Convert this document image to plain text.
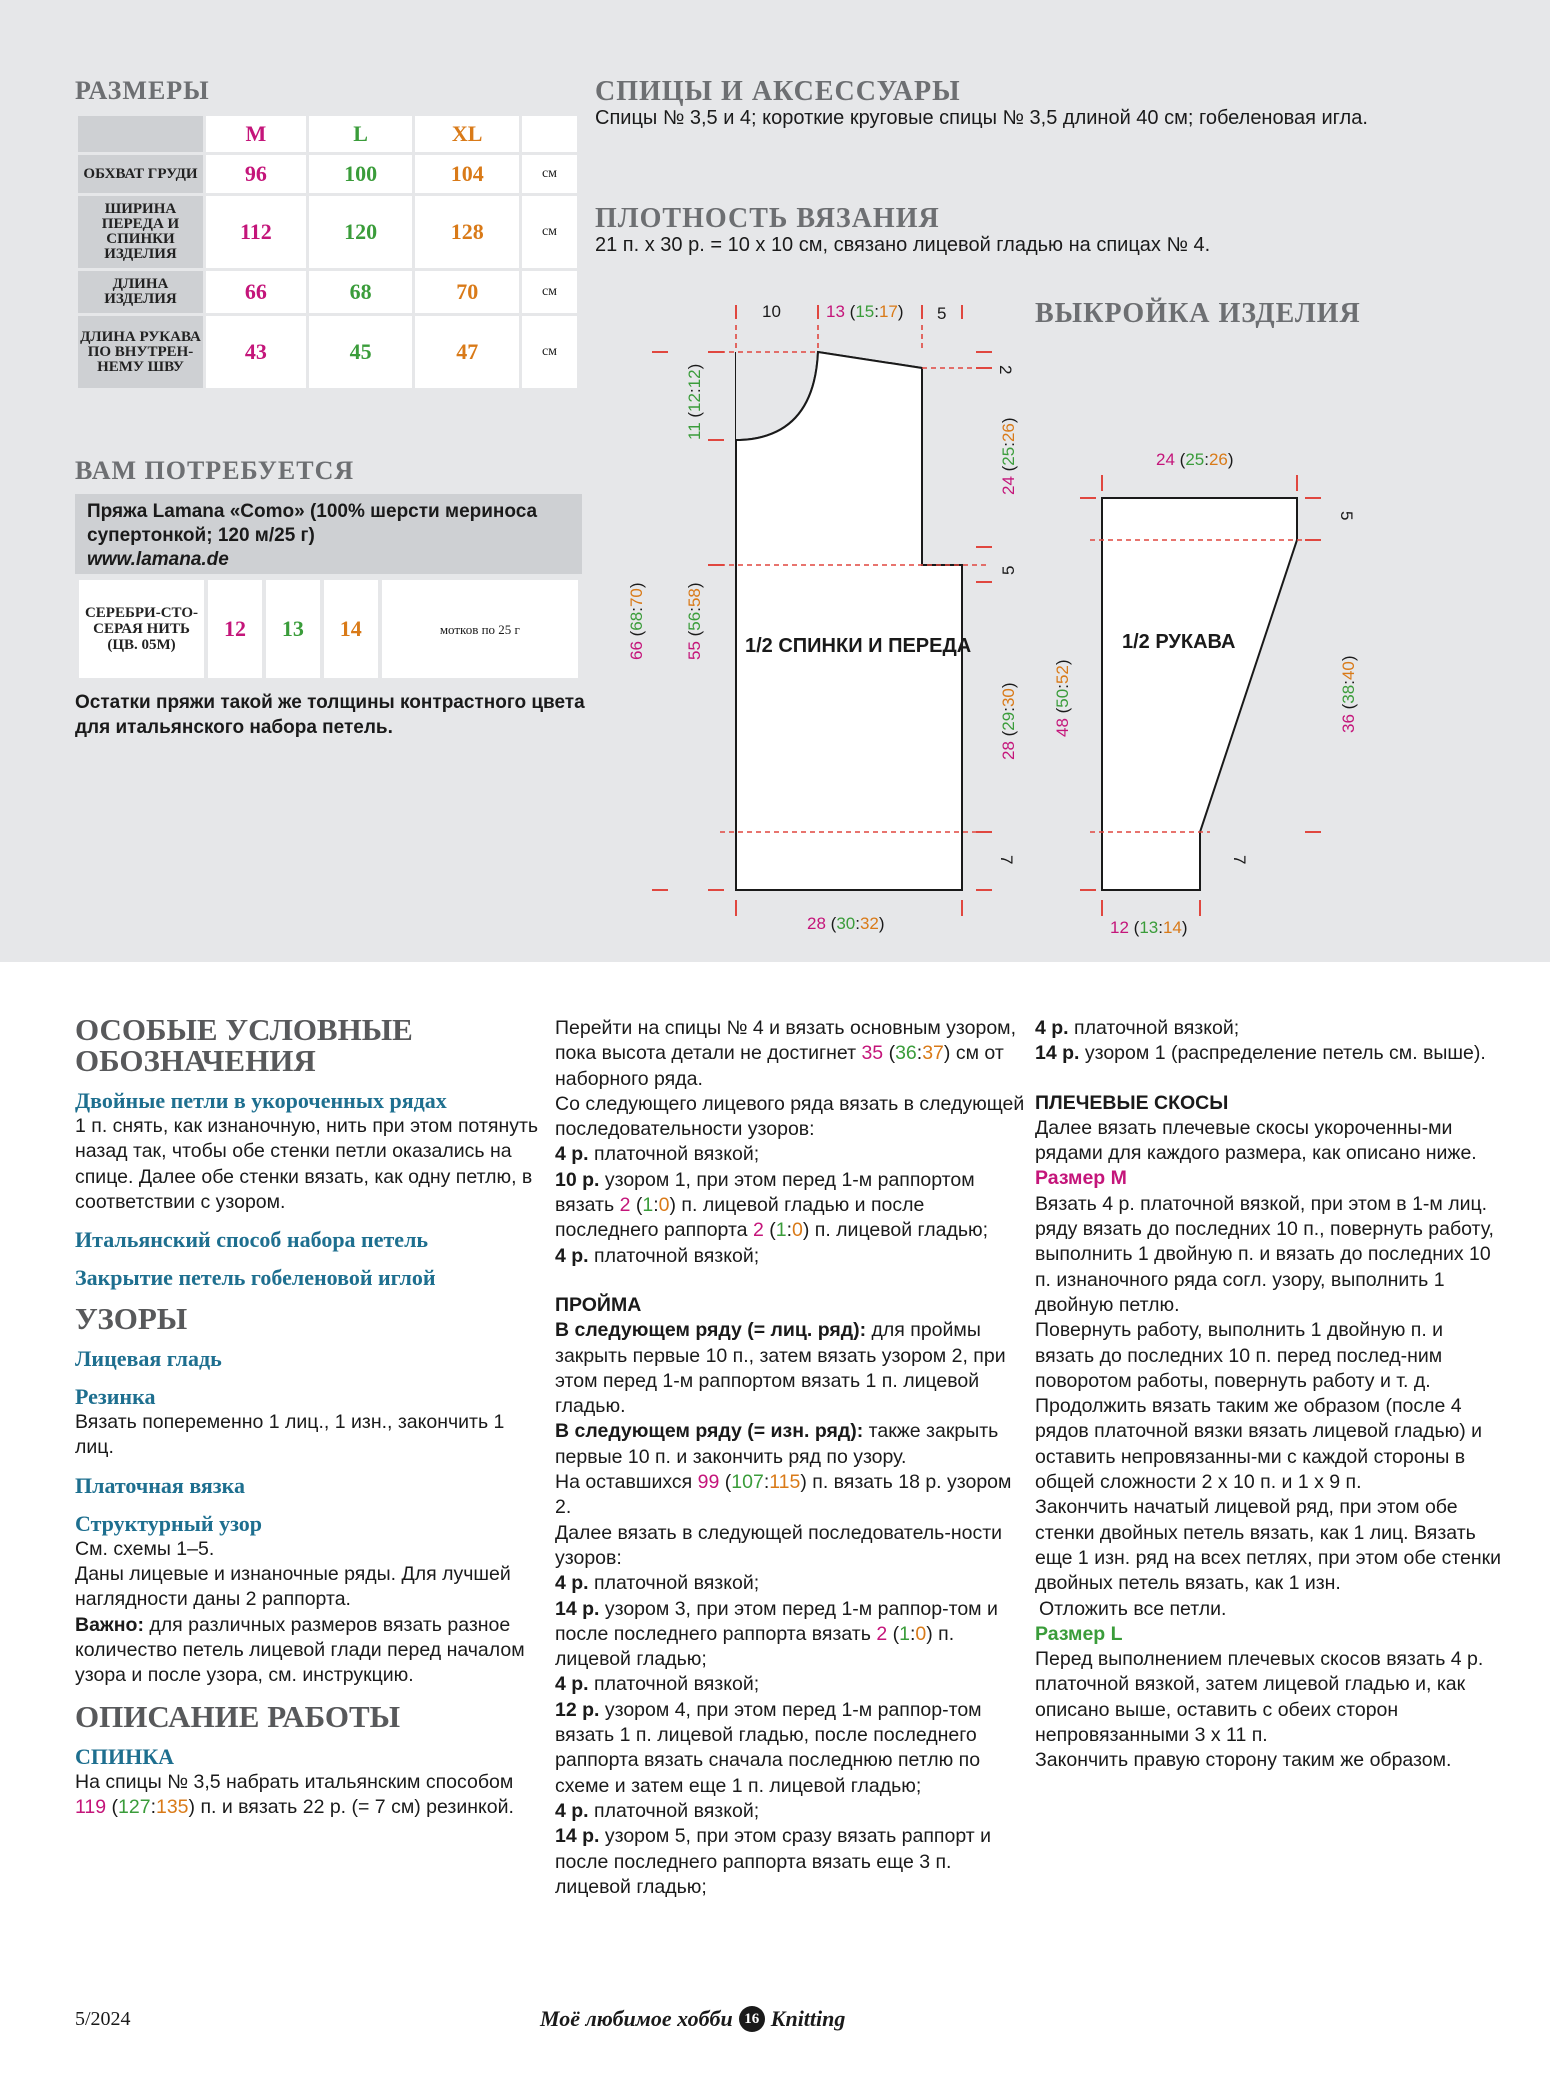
РАЗМЕРЫ
	M	L	XL	
ОБХВАТ ГРУДИ	96	100	104	см
ШИРИНА ПЕРЕДА И СПИНКИ ИЗДЕЛИЯ	112	120	128	см
ДЛИНА ИЗДЕЛИЯ	66	68	70	см
ДЛИНА РУКАВА ПО ВНУТРЕН-НЕМУ ШВУ	43	45	47	см
СПИЦЫ И АКСЕССУАРЫ
Спицы № 3,5 и 4; короткие круговые спицы № 3,5 длиной 40 см; гобеленовая игла.
ПЛОТНОСТЬ ВЯЗАНИЯ
21 п. х 30 р. = 10 х 10 см, связано лицевой гладью на спицах № 4.
ВЫКРОЙКА ИЗДЕЛИЯ
ВАМ ПОТРЕБУЕТСЯ
Пряжа Lamana «Como» (100% шерсти мериноса супертонкой; 120 м/25 г)
www.lamana.de
СЕРЕБРИ-СТО-СЕРАЯ НИТЬ (ЦВ. 05М)	12	13	14	мотков по 25 г
Остатки пряжи такой же толщины контрастного цвета для итальянского набора петель.
1/2 СПИНКИ И ПЕРЕДА	1/2 РУКАВА
10	13 (15:17) 5
11 (12:12)
66 (68:70)
55 (56:58)
2
24 (25:26)
5
28 (29:30)
7
28 (30:32)
24 (25:26)
5
48 (50:52)
36 (38:40)
7
12 (13:14)
ОСОБЫЕ УСЛОВНЫЕ ОБОЗНАЧЕНИЯ
Двойные петли в укороченных рядах
1 п. снять, как изнаночную, нить при этом потянуть назад так, чтобы обе стенки петли оказались на спице. Далее обе стенки вязать, как одну петлю, в соответствии с узором.
Итальянский способ набора петель
Закрытие петель гобеленовой иглой
УЗОРЫ
Лицевая гладь
Резинка
Вязать попеременно 1 лиц., 1 изн., закончить 1 лиц.
Платочная вязка
Структурный узор
См. схемы 1–5.
Даны лицевые и изнаночные ряды. Для лучшей наглядности даны 2 раппорта.
Важно: для различных размеров вязать разное количество петель лицевой глади перед началом узора и после узора, см. инструкцию.
ОПИСАНИЕ РАБОТЫ
СПИНКА
На спицы № 3,5 набрать итальянским способом 119 (127:135) п. и вязать 22 р. (= 7 см) резинкой.
Перейти на спицы № 4 и вязать основным узором, пока высота детали не достигнет 35 (36:37) см от наборного ряда.
Со следующего лицевого ряда вязать в следующей последовательности узоров:
4 р. платочной вязкой;
10 р. узором 1, при этом перед 1-м раппортом вязать 2 (1:0) п. лицевой гладью и после последнего раппорта 2 (1:0) п. лицевой гладью;
4 р. платочной вязкой;
ПРОЙМА
В следующем ряду (= лиц. ряд): для проймы закрыть первые 10 п., затем вязать узором 2, при этом перед 1-м раппортом вязать 1 п. лицевой гладью.
В следующем ряду (= изн. ряд): также закрыть первые 10 п. и закончить ряд по узору.
На оставшихся 99 (107:115) п. вязать 18 р. узором 2.
Далее вязать в следующей последователь-ности узоров:
4 р. платочной вязкой;
14 р. узором 3, при этом перед 1-м раппор-том и после последнего раппорта вязать 2 (1:0) п. лицевой гладью;
4 р. платочной вязкой;
12 р. узором 4, при этом перед 1-м раппор-том вязать 1 п. лицевой гладью, после последнего раппорта вязать сначала последнюю петлю по схеме и затем еще 1 п. лицевой гладью;
4 р. платочной вязкой;
14 р. узором 5, при этом сразу вязать раппорт и после последнего раппорта вязать еще 3 п. лицевой гладью;
4 р. платочной вязкой;
14 р. узором 1 (распределение петель см. выше).
ПЛЕЧЕВЫЕ СКОСЫ
Далее вязать плечевые скосы укороченны-ми рядами для каждого размера, как описано ниже.
Размер M
Вязать 4 р. платочной вязкой, при этом в 1-м лиц. ряду вязать до последних 10 п., повернуть работу, выполнить 1 двойную п. и вязать до последних 10 п. изнаночного ряда согл. узору, выполнить 1 двойную петлю.
Повернуть работу, выполнить 1 двойную п. и вязать до последних 10 п. перед послед-ним поворотом работы, повернуть работу и т. д.
Продолжить вязать таким же образом (после 4 рядов платочной вязки вязать лицевой гладью) и оставить непровязанны-ми с каждой стороны в общей сложности 2 х 10 п. и 1 х 9 п.
Закончить начатый лицевой ряд, при этом обе стенки двойных петель вязать, как 1 лиц. Вязать еще 1 изн. ряд на всех петлях, при этом обе стенки двойных петель вязать, как 1 изн.
Отложить все петли.
Размер L
Перед выполнением плечевых скосов вязать 4 р. платочной вязкой, затем лицевой гладью и, как описано выше, оставить с обеих сторон непровязанными 3 х 11 п.
Закончить правую сторону таким же образом.
5/2024	Моё любимое хобби 16 Knitting
